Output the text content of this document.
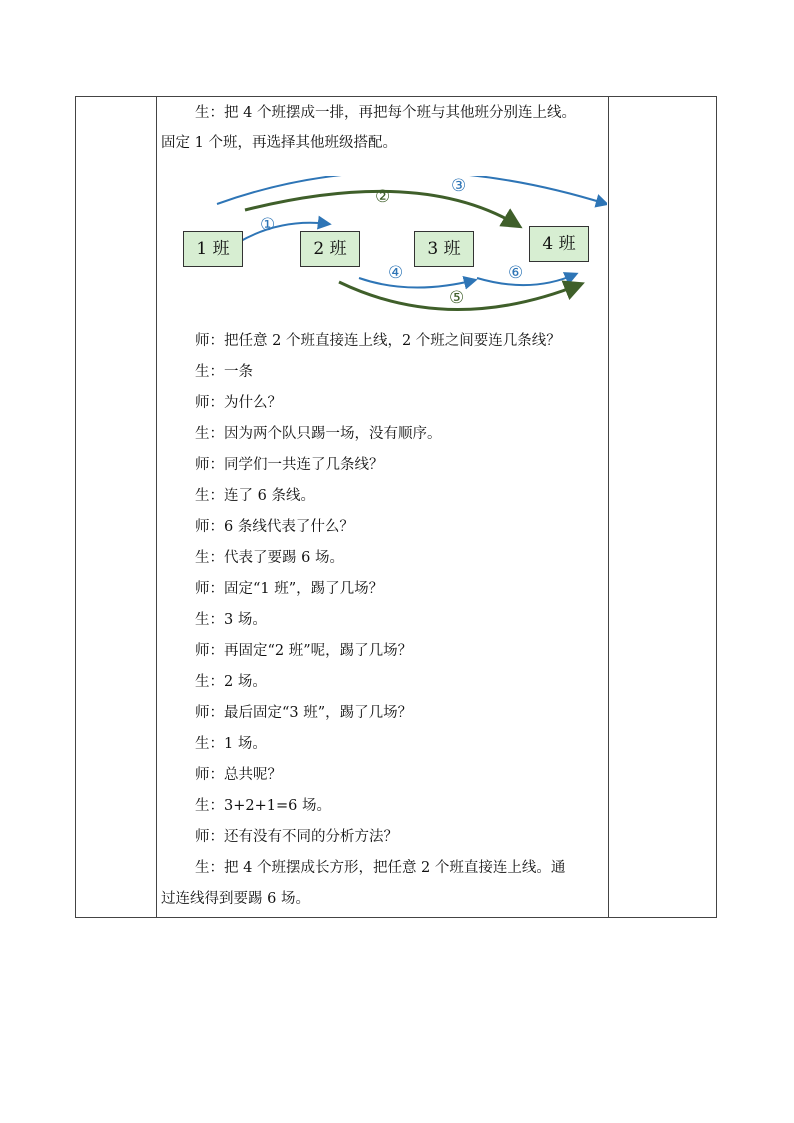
生：把 4 个班摆成一排，再把每个班与其他班分别连上线。
固定 1 个班，再选择其他班级搭配。
1 班	2 班	3 班	4 班
①
②
③
④
⑤
⑥
师：把任意 2 个班直接连上线，2 个班之间要连几条线？
生：一条
师：为什么？
生：因为两个队只踢一场，没有顺序。
师：同学们一共连了几条线？
生：连了 6 条线。
师：6 条线代表了什么？
生：代表了要踢 6 场。
师：固定“1 班”，踢了几场？
生：3 场。
师：再固定“2 班”呢，踢了几场？
生：2 场。
师：最后固定“3 班”，踢了几场？
生：1 场。
师：总共呢？
生：3+2+1=6 场。
师：还有没有不同的分析方法？
生：把 4 个班摆成长方形，把任意 2 个班直接连上线。通
过连线得到要踢 6 场。
